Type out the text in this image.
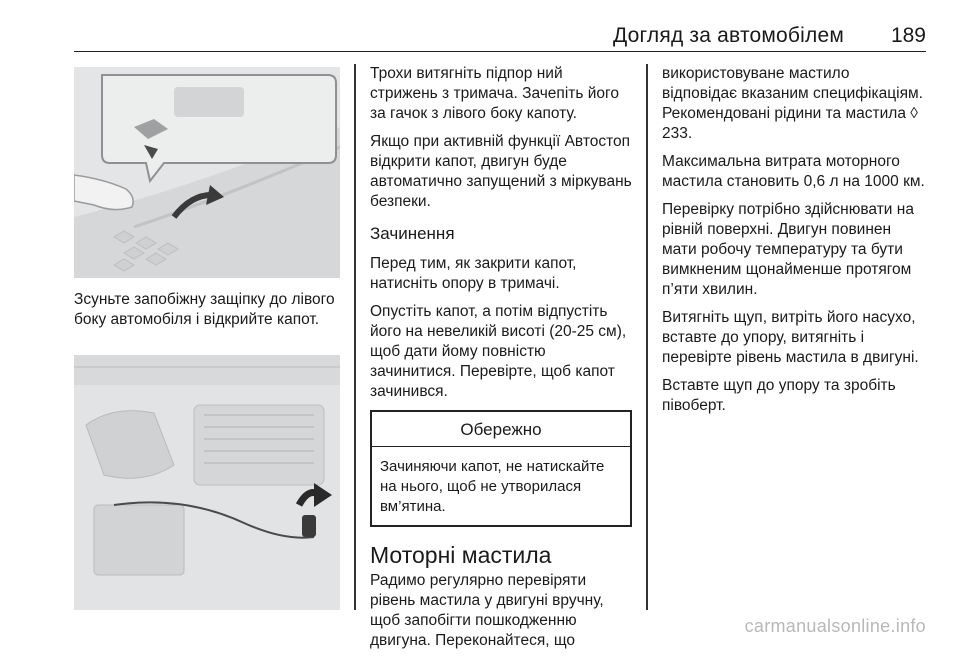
Догляд за автомобілем 189

Зсуньте запобіжну защіпку до лівого боку автомобіля і відкрийте капот.

Трохи витягніть підпор ний стрижень з тримача. Зачепіть його за гачок з лівого боку капоту.

Якщо при активній функції Автостоп відкрити капот, двигун буде автоматично запущений з міркувань безпеки.

Зачинення

Перед тим, як закрити капот, натисніть опору в тримачі.

Опустіть капот, а потім відпустіть його на невеликій висоті (20-25 см), щоб дати йому повністю зачинитися. Перевірте, щоб капот зачинився.

Обережно
Зачиняючи капот, не натискайте на нього, щоб не утворилася вм’ятина.
Моторні мастила

Радимо регулярно перевіряти рівень мастила у двигуні вручну, щоб запобігти пошкодженню двигуна. Переконайтеся, що

використовуване мастило відповідає вказаним специфікаціям. Рекомендовані рідини та мастила ◊ 233.

Максимальна витрата моторного мастила становить 0,6 л на 1000 км.

Перевірку потрібно здійснювати на рівній поверхні. Двигун повинен мати робочу температуру та бути вимкненим щонайменше протягом п’яти хвилин.

Витягніть щуп, витріть його насухо, вставте до упору, витягніть і перевірте рівень мастила в двигуні.

Вставте щуп до упору та зробіть півоберт.

carmanualsonline.info
